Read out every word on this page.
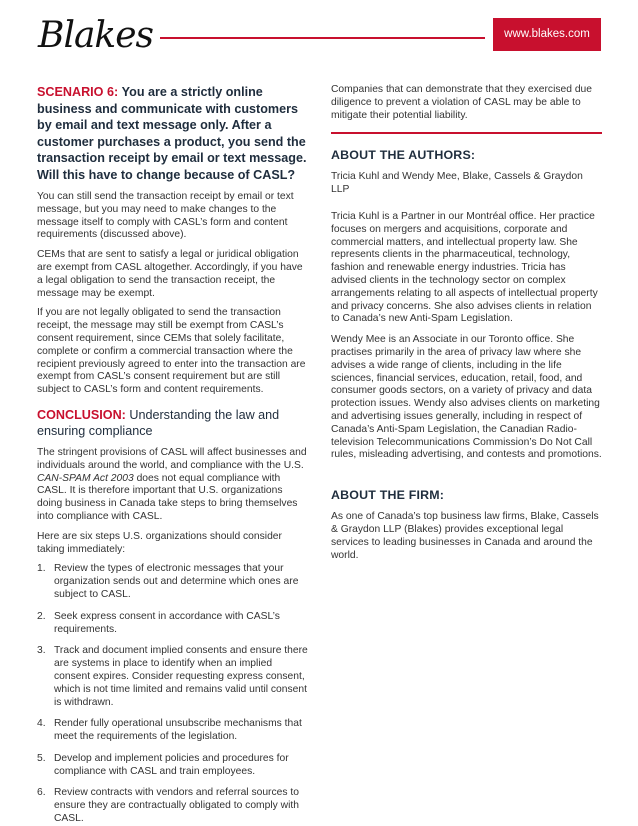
Blakes	www.blakes.com
SCENARIO 6: You are a strictly online business and communicate with customers by email and text message only. After a customer purchases a product, you send the transaction receipt by email or text message. Will this have to change because of CASL?

You can still send the transaction receipt by email or text message, but you may need to make changes to the message itself to comply with CASL’s form and content requirements (discussed above).

CEMs that are sent to satisfy a legal or juridical obligation are exempt from CASL altogether. Accordingly, if you have a legal obligation to send the transaction receipt, the message may be exempt.

If you are not legally obligated to send the transaction receipt, the message may still be exempt from CASL’s consent requirement, since CEMs that solely facilitate, complete or confirm a commercial transaction where the recipient previously agreed to enter into the transaction are exempt from CASL’s consent requirement but are still subject to CASL’s form and content requirements.

CONCLUSION: Understanding the law and ensuring compliance

The stringent provisions of CASL will affect businesses and individuals around the world, and compliance with the U.S. CAN-SPAM Act 2003 does not equal compliance with CASL. It is therefore important that U.S. organizations doing business in Canada take steps to bring themselves into compliance with CASL.

Here are six steps U.S. organizations should consider taking immediately:

1. Review the types of electronic messages that your organization sends out and determine which ones are subject to CASL.
2. Seek express consent in accordance with CASL’s requirements.
3. Track and document implied consents and ensure there are systems in place to identify when an implied consent expires. Consider requesting express consent, which is not time limited and remains valid until consent is withdrawn.
4. Render fully operational unsubscribe mechanisms that meet the requirements of the legislation.
5. Develop and implement policies and procedures for compliance with CASL and train employees.
6. Review contracts with vendors and referral sources to ensure they are contractually obligated to comply with CASL.

Companies that can demonstrate that they exercised due diligence to prevent a violation of CASL may be able to mitigate their potential liability.

ABOUT THE AUTHORS:

Tricia Kuhl and Wendy Mee, Blake, Cassels & Graydon LLP

Tricia Kuhl is a Partner in our Montréal office. Her practice focuses on mergers and acquisitions, corporate and commercial matters, and intellectual property law. She represents clients in the pharmaceutical, technology, fashion and renewable energy industries. Tricia has advised clients in the technology sector on complex arrangements relating to all aspects of intellectual property and privacy concerns. She also advises clients in relation to Canada’s new Anti-Spam Legislation.

Wendy Mee is an Associate in our Toronto office. She practises primarily in the area of privacy law where she advises a wide range of clients, including in the life sciences, financial services, education, retail, food, and consumer goods sectors, on a variety of privacy and data protection issues. Wendy also advises clients on marketing and advertising issues generally, including in respect of Canada’s Anti-Spam Legislation, the Canadian Radio-television Telecommunications Commission’s Do Not Call rules, misleading advertising, and contests and promotions.

ABOUT THE FIRM:

As one of Canada’s top business law firms, Blake, Cassels & Graydon LLP (Blakes) provides exceptional legal services to leading businesses in Canada and around the world.
